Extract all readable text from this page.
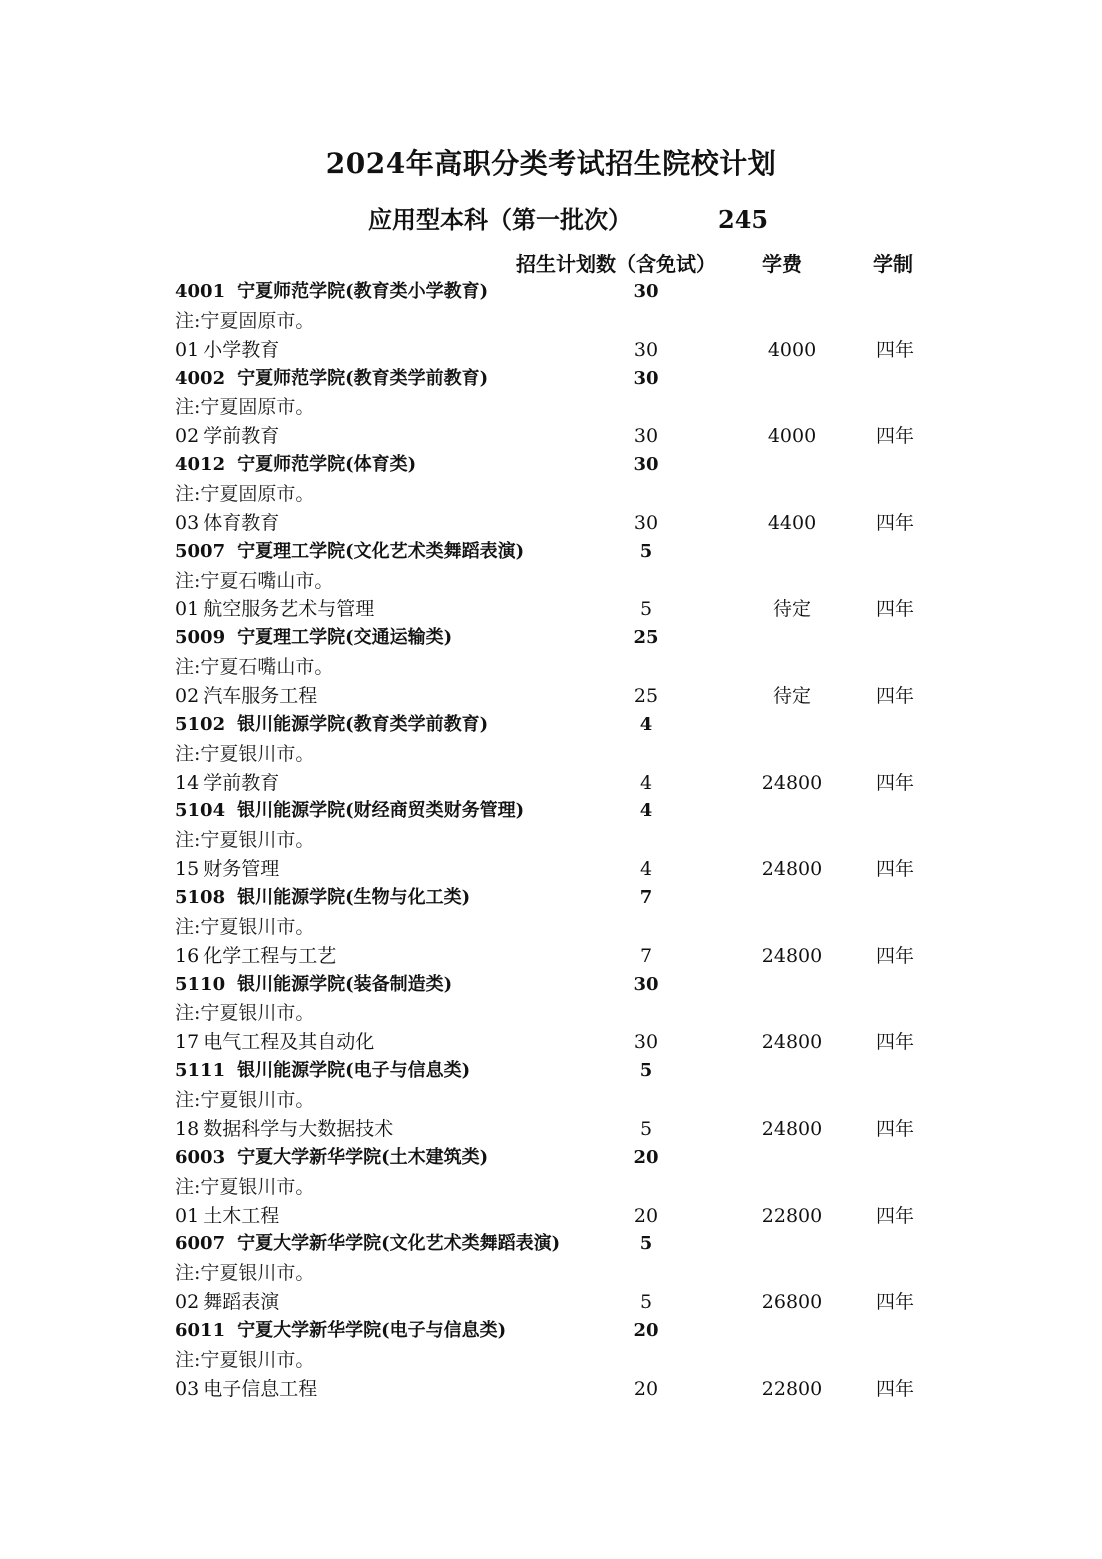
2024年高职分类考试招生院校计划
应用型本科（第一批次）	245
招生计划数（含免试） 学费	学制
4001 宁夏师范学院(教育类小学教育)	30
注:宁夏固原市。
01 小学教育	30	4000	四年
4002 宁夏师范学院(教育类学前教育)	30
注:宁夏固原市。
02 学前教育	30	4000	四年
4012 宁夏师范学院(体育类)	30
注:宁夏固原市。
03 体育教育	30	4400	四年
5007 宁夏理工学院(文化艺术类舞蹈表演)	5
注:宁夏石嘴山市。
01 航空服务艺术与管理	5	待定	四年
5009 宁夏理工学院(交通运输类)	25
注:宁夏石嘴山市。
02 汽车服务工程	25	待定	四年
5102 银川能源学院(教育类学前教育)	4
注:宁夏银川市。
14 学前教育	4	24800	四年
5104 银川能源学院(财经商贸类财务管理)	4
注:宁夏银川市。
15 财务管理	4	24800	四年
5108 银川能源学院(生物与化工类)	7
注:宁夏银川市。
16 化学工程与工艺	7	24800	四年
5110 银川能源学院(装备制造类)	30
注:宁夏银川市。
17 电气工程及其自动化	30	24800	四年
5111 银川能源学院(电子与信息类)	5
注:宁夏银川市。
18 数据科学与大数据技术	5	24800	四年
6003 宁夏大学新华学院(土木建筑类)	20
注:宁夏银川市。
01 土木工程	20	22800	四年
6007 宁夏大学新华学院(文化艺术类舞蹈表演)	5
注:宁夏银川市。
02 舞蹈表演	5	26800	四年
6011 宁夏大学新华学院(电子与信息类)	20
注:宁夏银川市。
03 电子信息工程	20	22800	四年
